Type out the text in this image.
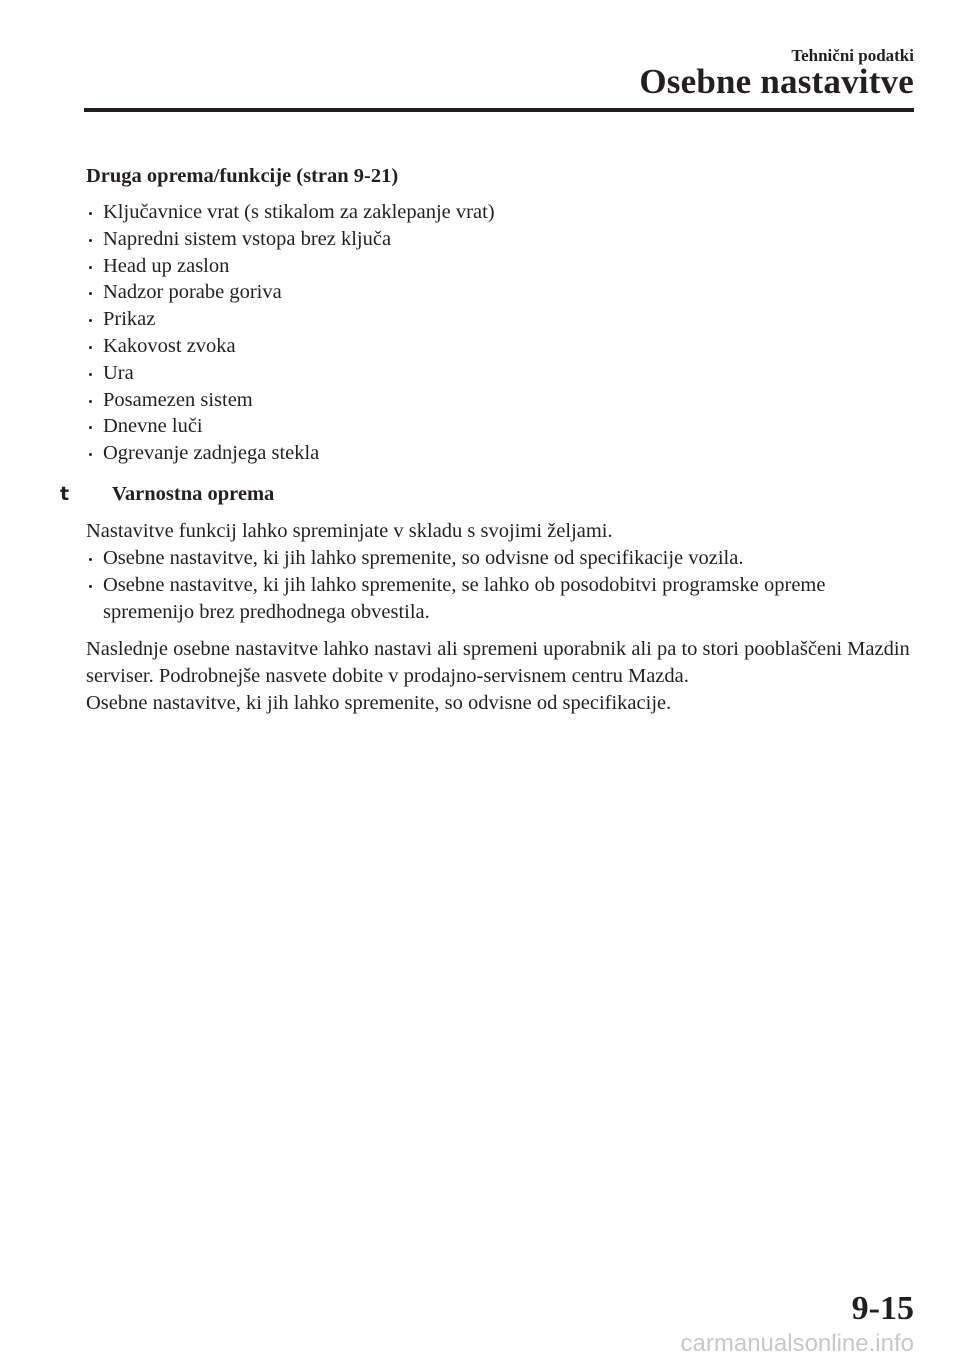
Tehnični podatki
Osebne nastavitve
Druga oprema/funkcije (stran 9-21)
Ključavnice vrat (s stikalom za zaklepanje vrat)
Napredni sistem vstopa brez ključa
Head up zaslon
Nadzor porabe goriva
Prikaz
Kakovost zvoka
Ura
Posamezen sistem
Dnevne luči
Ogrevanje zadnjega stekla
t Varnostna oprema

Nastavitve funkcij lahko spreminjate v skladu s svojimi željami.

Osebne nastavitve, ki jih lahko spremenite, so odvisne od specifikacije vozila.
Osebne nastavitve, ki jih lahko spremenite, se lahko ob posodobitvi programske opreme spremenijo brez predhodnega obvestila.

Naslednje osebne nastavitve lahko nastavi ali spremeni uporabnik ali pa to stori pooblaščeni Mazdin serviser. Podrobnejše nasvete dobite v prodajno-servisnem centru Mazda.

Osebne nastavitve, ki jih lahko spremenite, so odvisne od specifikacije.

9-15
carmanualsonline.info
